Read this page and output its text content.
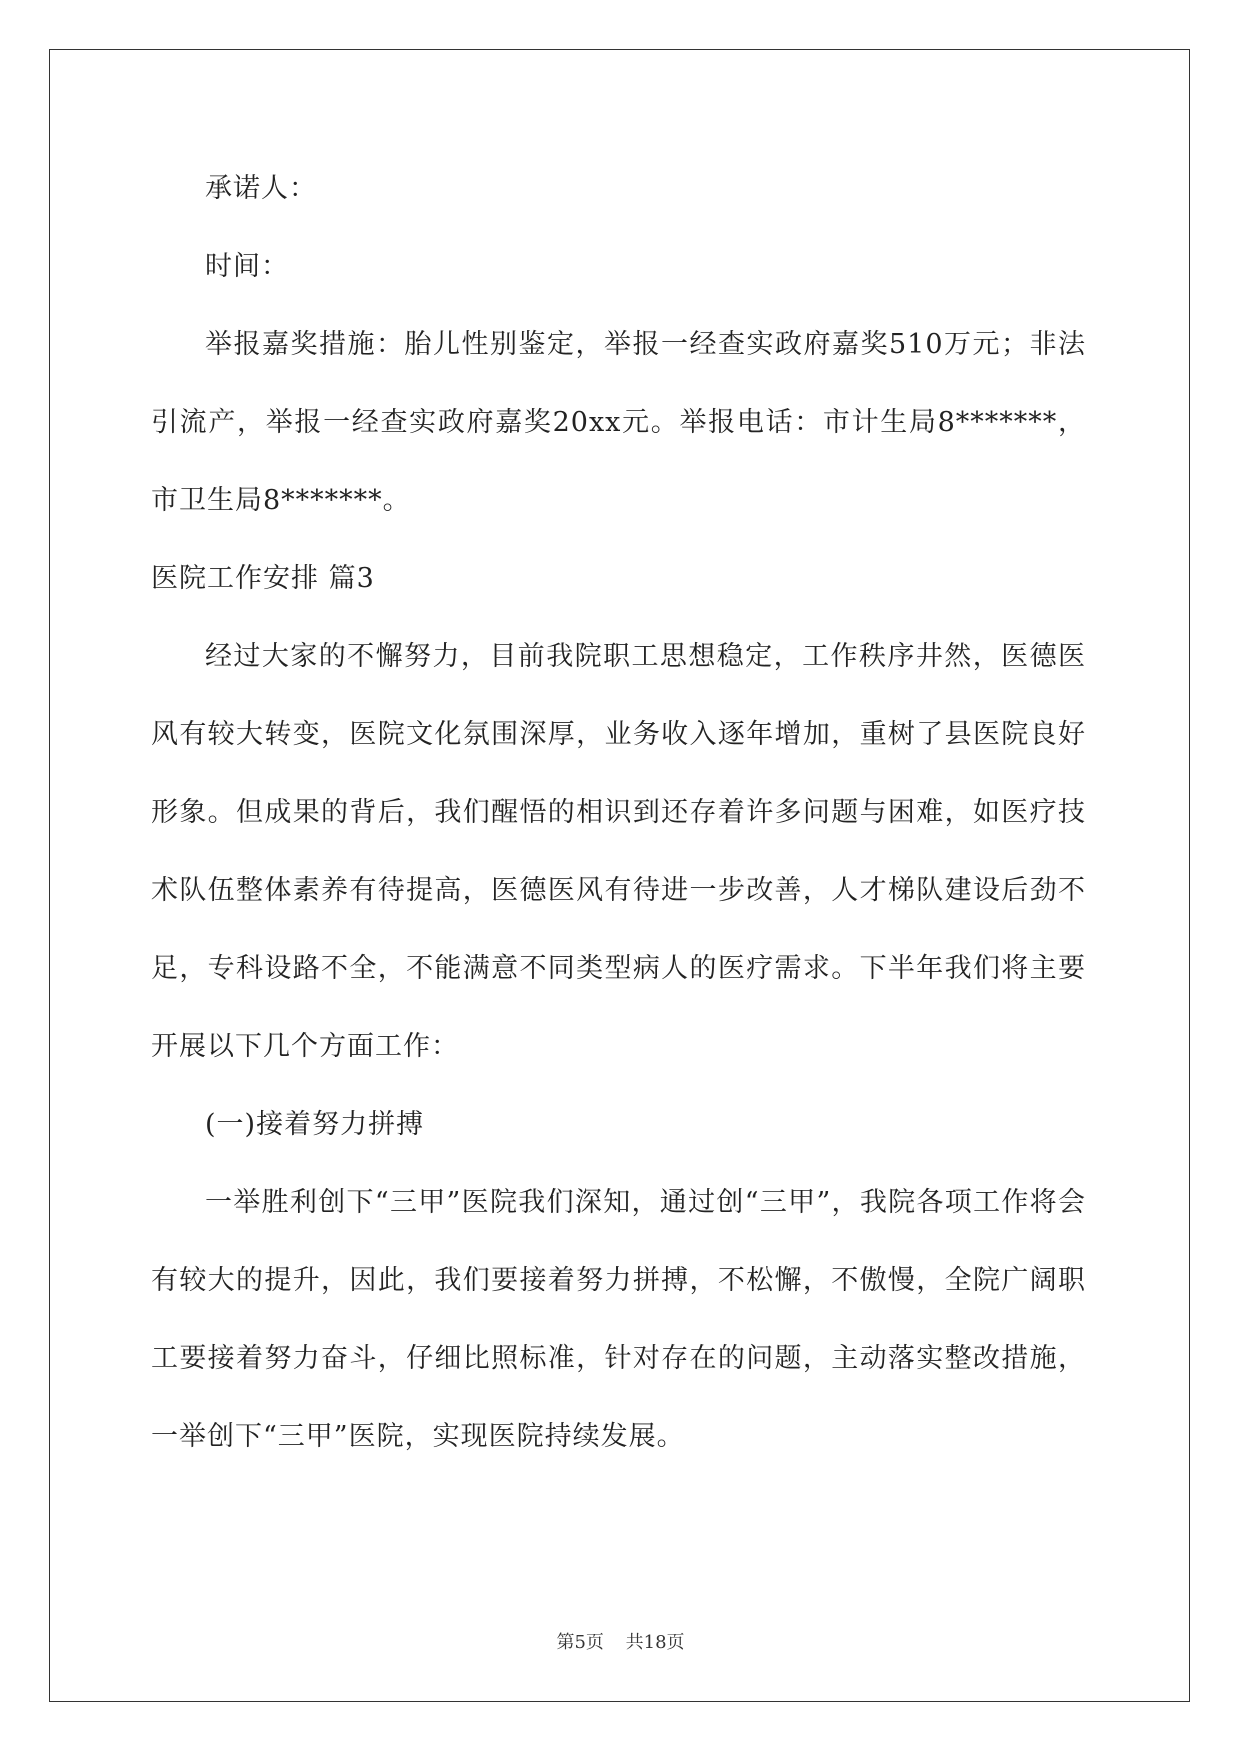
承诺人：

时间：

举报嘉奖措施：胎儿性别鉴定，举报一经查实政府嘉奖510万元；非法引流产，举报一经查实政府嘉奖20xx元。举报电话：市计生局8*******，市卫生局8*******。

医院工作安排 篇3

经过大家的不懈努力，目前我院职工思想稳定，工作秩序井然，医德医风有较大转变，医院文化氛围深厚，业务收入逐年增加，重树了县医院良好形象。但成果的背后，我们醒悟的相识到还存着许多问题与困难，如医疗技术队伍整体素养有待提高，医德医风有待进一步改善，人才梯队建设后劲不足，专科设路不全，不能满意不同类型病人的医疗需求。下半年我们将主要开展以下几个方面工作：

(一)接着努力拼搏

一举胜利创下“三甲”医院我们深知，通过创“三甲”，我院各项工作将会有较大的提升，因此，我们要接着努力拼搏，不松懈，不傲慢，全院广阔职工要接着努力奋斗，仔细比照标准，针对存在的问题，主动落实整改措施，一举创下“三甲”医院，实现医院持续发展。

第5页 共18页
